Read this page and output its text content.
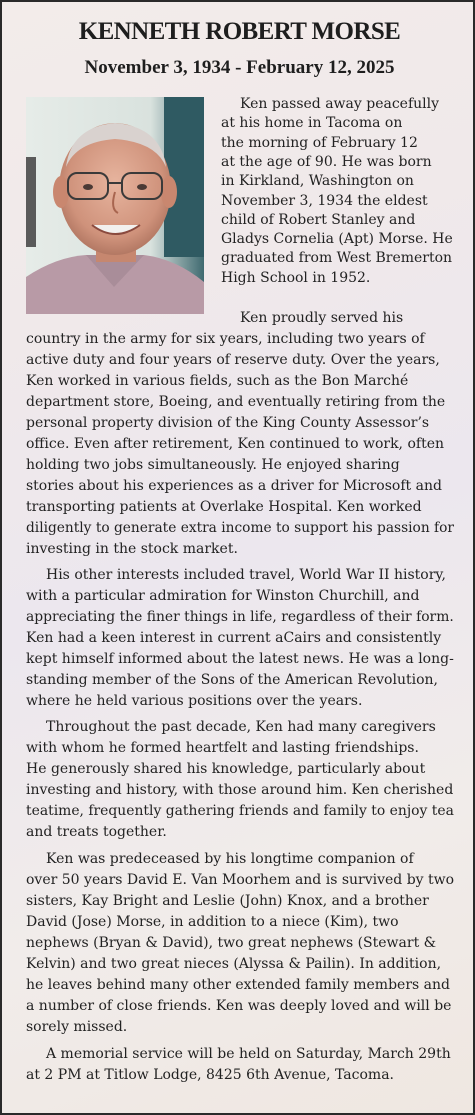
KENNETH ROBERT MORSE
November 3, 1934 - February 12, 2025
Ken passed away peacefully
at his home in Tacoma on
the morning of February 12
at the age of 90. He was born
in Kirkland, Washington on
November 3, 1934 the eldest
child of Robert Stanley and
Gladys Cornelia (Apt) Morse. He
graduated from West Bremerton
High School in 1952.
Ken proudly served his
country in the army for six years, including two years of
active duty and four years of reserve duty. Over the years,
Ken worked in various fields, such as the Bon Marché
department store, Boeing, and eventually retiring from the
personal property division of the King County Assessor’s
office. Even after retirement, Ken continued to work, often
holding two jobs simultaneously. He enjoyed sharing
stories about his experiences as a driver for Microsoft and
transporting patients at Overlake Hospital. Ken worked
diligently to generate extra income to support his passion for
investing in the stock market.
His other interests included travel, World War II history,
with a particular admiration for Winston Churchill, and
appreciating the finer things in life, regardless of their form.
Ken had a keen interest in current aCairs and consistently
kept himself informed about the latest news. He was a long-
standing member of the Sons of the American Revolution,
where he held various positions over the years.
Throughout the past decade, Ken had many caregivers
with whom he formed heartfelt and lasting friendships.
He generously shared his knowledge, particularly about
investing and history, with those around him. Ken cherished
teatime, frequently gathering friends and family to enjoy tea
and treats together.
Ken was predeceased by his longtime companion of
over 50 years David E. Van Moorhem and is survived by two
sisters, Kay Bright and Leslie (John) Knox, and a brother
David (Jose) Morse, in addition to a niece (Kim), two
nephews (Bryan & David), two great nephews (Stewart &
Kelvin) and two great nieces (Alyssa & Pailin). In addition,
he leaves behind many other extended family members and
a number of close friends. Ken was deeply loved and will be
sorely missed.
A memorial service will be held on Saturday, March 29th
at 2 PM at Titlow Lodge, 8425 6th Avenue, Tacoma.
